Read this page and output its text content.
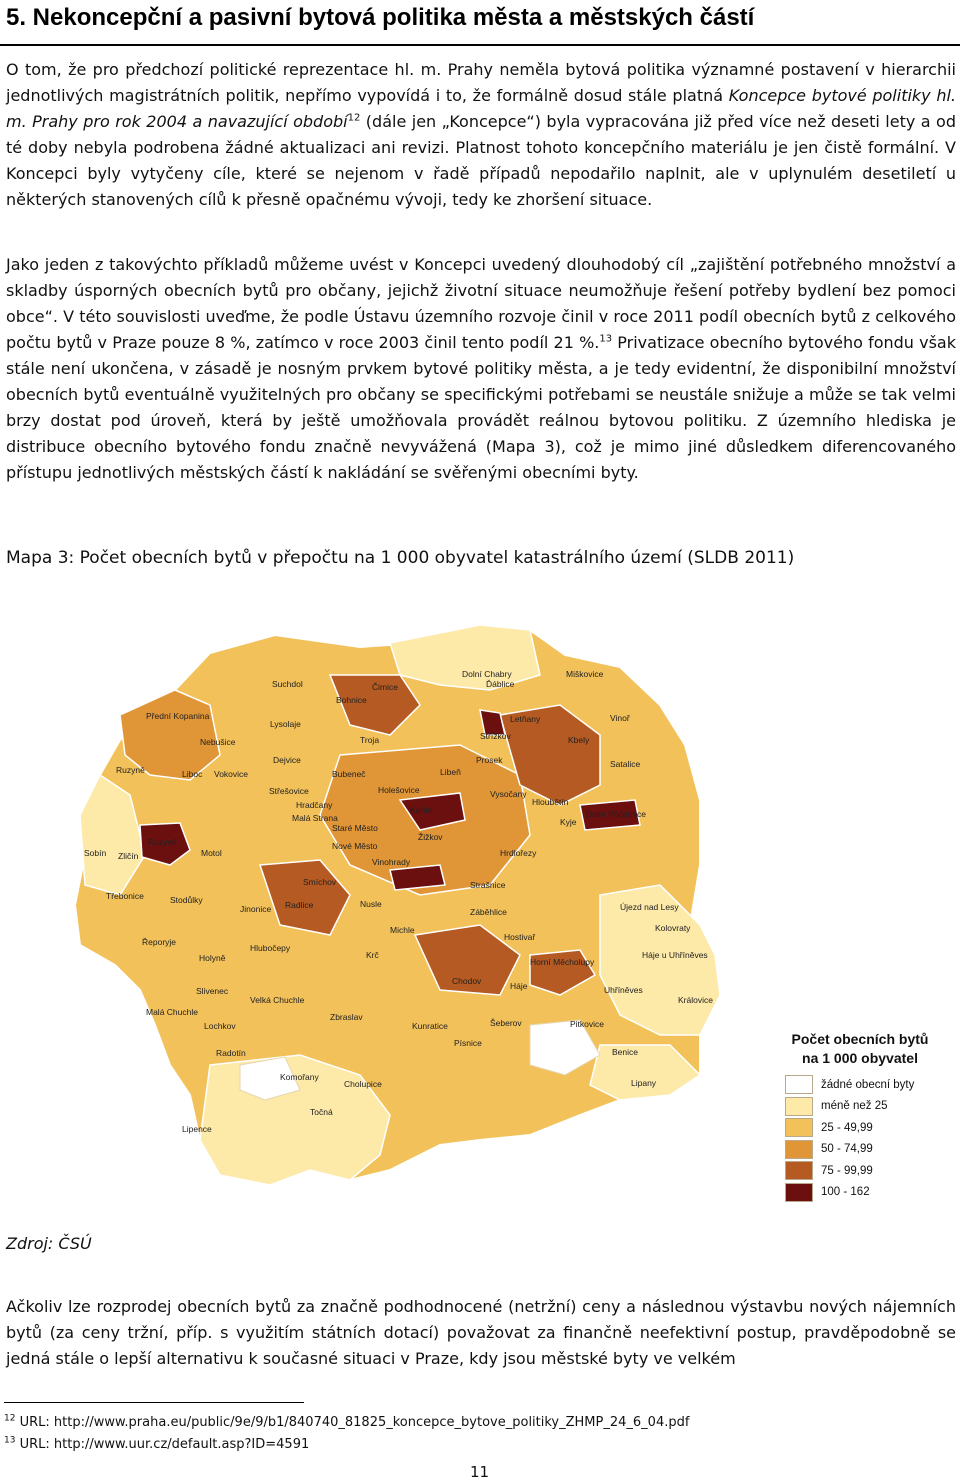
5. Nekoncepční a pasivní bytová politika města a městských částí

O tom, že pro předchozí politické reprezentace hl. m. Prahy neměla bytová politika významné postavení v hierarchii jednotlivých magistrátních politik, nepřímo vypovídá i to, že formálně dosud stále platná Koncepce bytové politiky hl. m. Prahy pro rok 2004 a navazující období$^{12}$ (dále jen „Koncepce“) byla vypracována již před více než deseti lety a od té doby nebyla podrobena žádné aktualizaci ani revizi. Platnost tohoto koncepčního materiálu je jen čistě formální. V Koncepci byly vytyčeny cíle, které se nejenom v řadě případů nepodařilo naplnit, ale v uplynulém desetiletí u některých stanovených cílů k přesně opačnému vývoji, tedy ke zhoršení situace.

Jako jeden z takovýchto příkladů můžeme uvést v Koncepci uvedený dlouhodobý cíl „zajištění potřebného množství a skladby úsporných obecních bytů pro občany, jejichž životní situace neumožňuje řešení potřeby bydlení bez pomoci obce“. V této souvislosti uveďme, že podle Ústavu územního rozvoje činil v roce 2011 podíl obecních bytů z celkového počtu bytů v Praze pouze 8 %, zatímco v roce 2003 činil tento podíl 21 %.$^{13}$ Privatizace obecního bytového fondu však stále není ukončena, v zásadě je nosným prvkem bytové politiky města, a je tedy evidentní, že disponibilní množství obecních bytů eventuálně využitelných pro občany se specifickými potřebami se neustále snižuje a může se tak velmi brzy dostat pod úroveň, která by ještě umožňovala provádět reálnou bytovou politiku. Z územního hlediska je distribuce obecního bytového fondu značně nevyvážená (Mapa 3), což je mimo jiné důsledkem diferencovaného přístupu jednotlivých městských částí k nakládání se svěřenými obecními byty.

Mapa 3: Počet obecních bytů v přepočtu na 1 000 obyvatel katastrálního území (SLDB 2011)
Suchdol	Čimice
Dolní Chabry
Ďáblice
Miškovice
Přední Kopanina
Bohnice
Střížkov
Lysolaje
Troja
Letňany	Vinoř
Nebušice	Kbely
Ruzyně
Dejvice	Prosek
Liboc Vokovice	Bubeneč	Libeň
Satalice
Střešovice	Holešovice	Vysočany
Hloubětín
Hradčany
Malá Strana
Karlín
Staré Město
Kyje
Dolní Počernice
Ruzyně	Žižkov
Motol
Nové Město
Sobín Zličín
Vinohrady
Hrdlořezy
Strašnice
Třebonice	Stodůlky
Smíchov
Radlice	Nusle
Jinonice	Újezd nad Lesy
Michle
Záběhlice
Řeporyje
Hlubočepy
Hostivař
Kolovraty
Krč
Holyně	Horní Měcholupy
Háje u Uhříněves
Slivenec
Chodov	Háje	Uhříněves
Velká Chuchle
Malá Chuchle
Kunratice
Zbraslav
Lochkov
Královice
Písnice
Pitkovice
Šeberov
Radotín	Benice
Komořany
Točná
Cholupice	Lipany
Lipence
Počet obecních bytů
na 1 000 obyvatel
žádné obecní byty
méně než 25
25 - 49,99
50 - 74,99
75 - 99,99
100 - 162
Zdroj: ČSÚ

Ačkoliv lze rozprodej obecních bytů za značně podhodnocené (netržní) ceny a následnou výstavbu nových nájemních bytů (za ceny tržní, příp. s využitím státních dotací) považovat za finančně neefektivní postup, pravděpodobně se jedná stále o lepší alternativu k současné situaci v Praze, kdy jsou městské byty ve velkém

$^{12}$ URL: http://www.praha.eu/public/9e/9/b1/840740_81825_koncepce_bytove_politiky_ZHMP_24_6_04.pdf
$^{13}$ URL: http://www.uur.cz/default.asp?ID=4591
11
